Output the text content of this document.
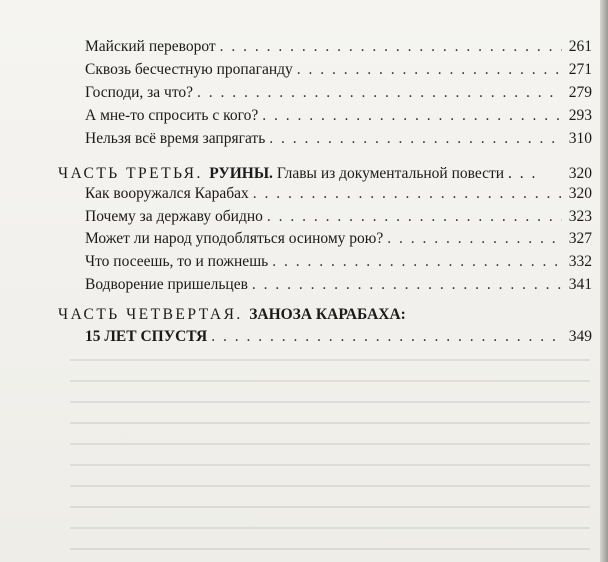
Майский переворот . . .	261
Сквозь бесчестную пропаганду . . .	271
Господи, за что? . . .	279
А мне-то спросить с кого? . . .	293
Нельзя всё время запрягать . . .	310
ЧАСТЬ ТРЕТЬЯ. РУИНЫ. Главы из документальной повести . . . 320
Как вооружался Карабах . . .	320
Почему за державу обидно . . .	323
Может ли народ уподобляться осиному рою? . . .	327
Что посеешь, то и пожнешь . . .	332
Водворение пришельцев . . .	341
ЧАСТЬ ЧЕТВЕРТАЯ. ЗАНОЗА КАРАБАХА:
15 ЛЕТ СПУСТЯ . . .	349
